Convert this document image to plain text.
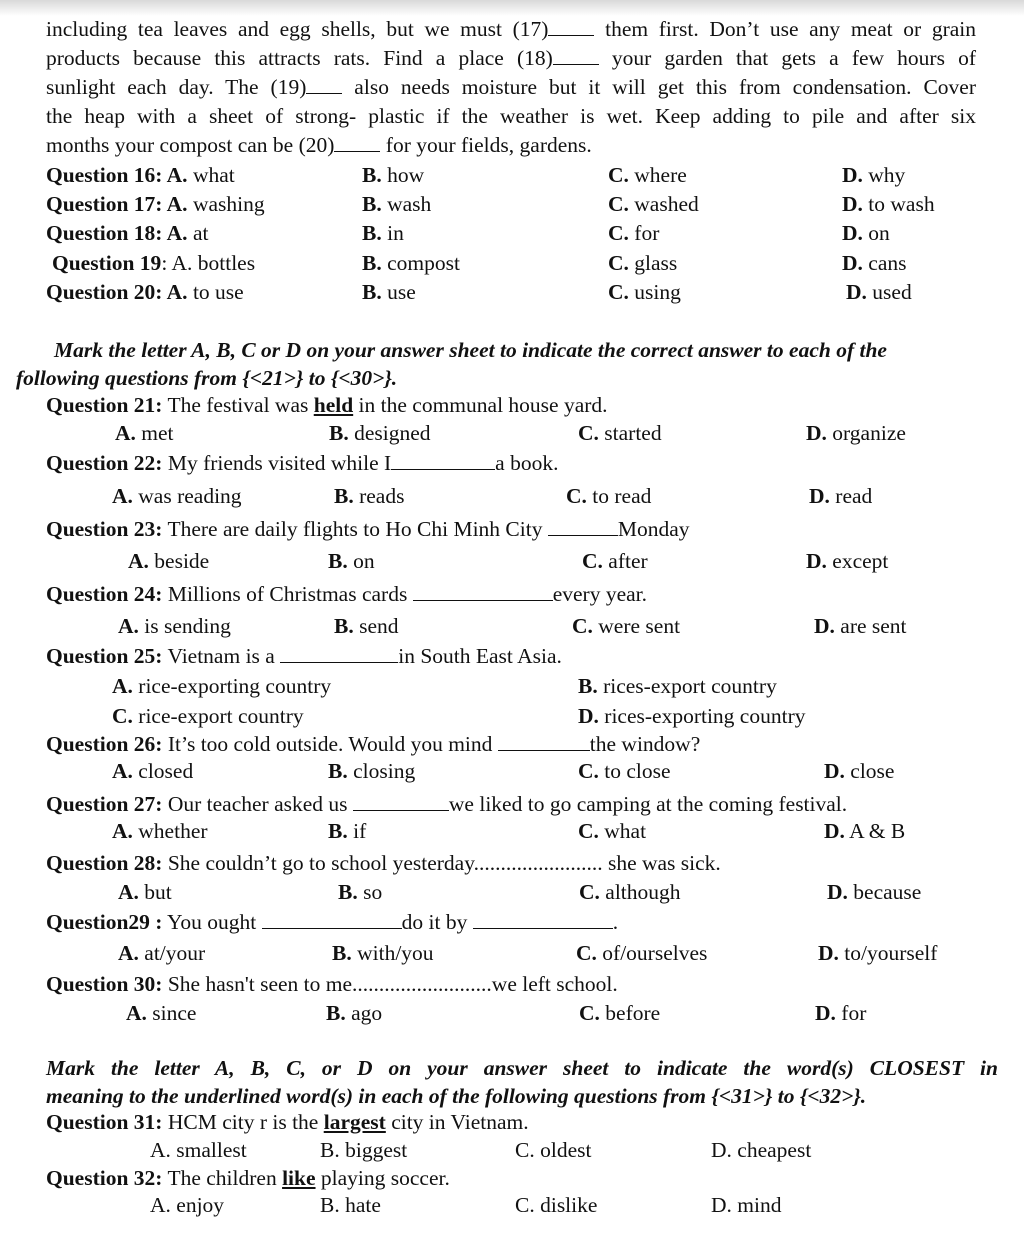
including tea leaves and egg shells, but we must (17) them first. Don’t use any meat or grain
products because this attracts rats. Find a place (18) your garden that gets a few hours of
sunlight each day. The (19) also needs moisture but it will get this from condensation. Cover
the heap with a sheet of strong- plastic if the weather is wet. Keep adding to pile and after six
months your compost can be (20) for your fields, gardens.
Question 16: A. what	B. how	C. where	D. why
Question 17: A. washing	B. wash	C. washed	D. to wash
Question 18: A. at	B. in	C. for	D. on
Question 19: A. bottles	B. compost	C. glass	D. cans
Question 20: A. to use	B. use	C. using	D. used
Mark the letter A, B, C or D on your answer sheet to indicate the correct answer to each of the
following questions from {<21>} to {<30>}.
Question 21: The festival was held in the communal house yard.
A. met	B. designed	C. started	D. organize
Question 22: My friends visited while I	a book.
A. was reading	B. reads	C. to read	D. read
Question 23: There are daily flights to Ho Chi Minh City	Monday
A. beside	B. on	C. after	D. except
Question 24: Millions of Christmas cards	every year.
A. is sending	B. send	C. were sent	D. are sent
Question 25: Vietnam is a	in South East Asia.
A. rice-exporting country	B. rices-export country
C. rice-export country	D. rices-exporting country
Question 26: It’s too cold outside. Would you mind	the window?
A. closed	B. closing	C. to close	D. close
Question 27: Our teacher asked us	we liked to go camping at the coming festival.
A. whether	B. if	C. what	D. A & B
Question 28: She couldn’t go to school yesterday........................ she was sick.
A. but	B. so	C. although	D. because
Question29 : You ought	do it by	.
A. at/your	B. with/you	C. of/ourselves	D. to/yourself
Question 30: She hasn't seen to me..........................we left school.
A. since	B. ago	C. before	D. for
Mark the letter A, B, C, or D on your answer sheet to indicate the word(s) CLOSEST in
meaning to the underlined word(s) in each of the following questions from {<31>} to {<32>}.
Question 31: HCM city r is the largest city in Vietnam.
A. smallest	B. biggest	C. oldest	D. cheapest
Question 32: The children like playing soccer.
A. enjoy	B. hate	C. dislike	D. mind
